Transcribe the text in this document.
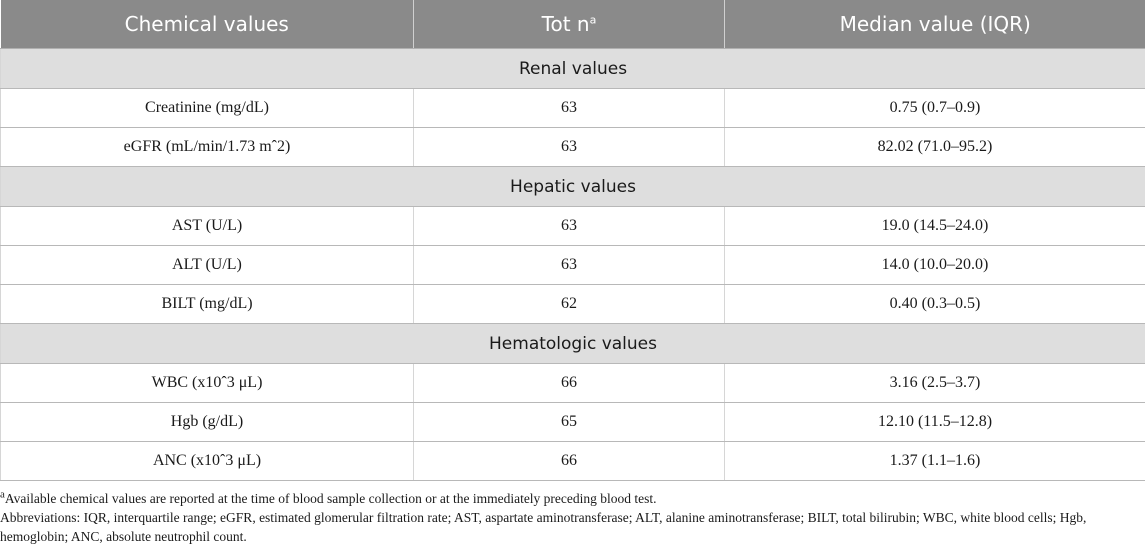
Chemical values	Tot $n^a$	Median value (IQR)
Renal values		
Creatinine (mg/dL)	63	0.75 (0.7–0.9)
eGFR (mL/min/1.73 mˆ2)	63	82.02 (71.0–95.2)
Hepatic values		
AST (U/L)	63	19.0 (14.5–24.0)
ALT (U/L)	63	14.0 (10.0–20.0)
BILT (mg/dL)	62	0.40 (0.3–0.5)
Hematologic values		
WBC (x10ˆ3 μL)	66	3.16 (2.5–3.7)
Hgb (g/dL)	65	12.10 (11.5–12.8)
ANC (x10ˆ3 μL)	66	1.37 (1.1–1.6)

$^a$Available chemical values are reported at the time of blood sample collection or at the immediately preceding blood test.

Abbreviations: IQR, interquartile range; eGFR, estimated glomerular filtration rate; AST, aspartate aminotransferase; ALT, alanine aminotransferase; BILT, total bilirubin; WBC, white blood cells; Hgb, hemoglobin; ANC, absolute neutrophil count.
